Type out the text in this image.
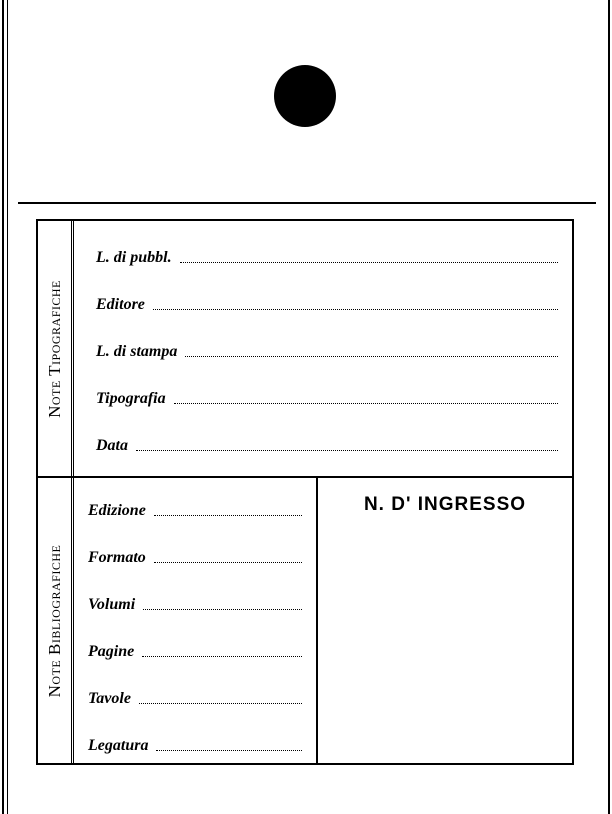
Note Tipografiche
L. di pubbl.
Editore
L. di stampa
Tipografia
Data
Note Bibliografiche
Edizione
Formato
Volumi
Pagine
Tavole
Legatura
N. D' INGRESSO
